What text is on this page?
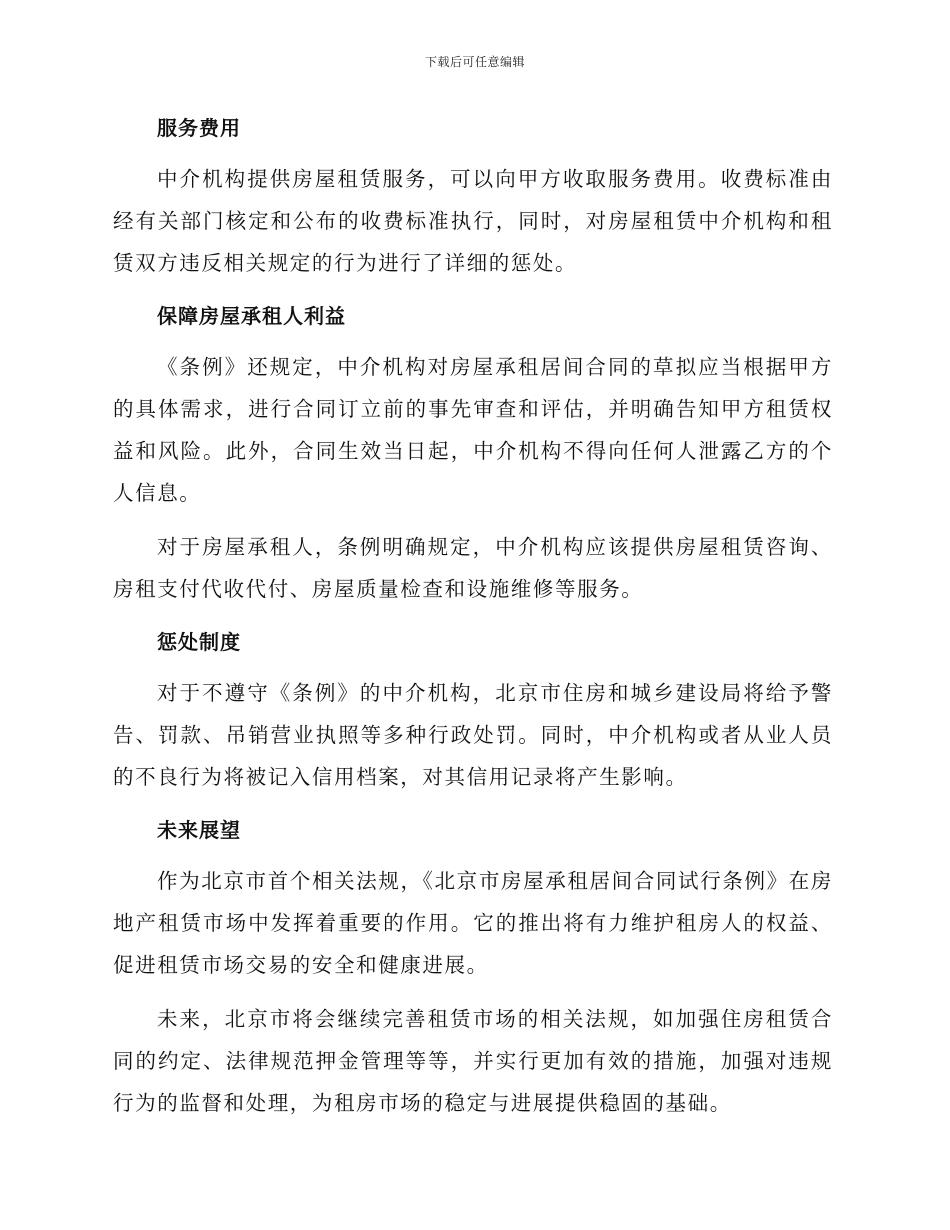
下载后可任意编辑
服务费用

中介机构提供房屋租赁服务，可以向甲方收取服务费用。收费标准由经有关部门核定和公布的收费标准执行，同时，对房屋租赁中介机构和租赁双方违反相关规定的行为进行了详细的惩处。

保障房屋承租人利益

《条例》还规定，中介机构对房屋承租居间合同的草拟应当根据甲方的具体需求，进行合同订立前的事先审查和评估，并明确告知甲方租赁权益和风险。此外，合同生效当日起，中介机构不得向任何人泄露乙方的个人信息。

对于房屋承租人，条例明确规定，中介机构应该提供房屋租赁咨询、房租支付代收代付、房屋质量检查和设施维修等服务。

惩处制度

对于不遵守《条例》的中介机构，北京市住房和城乡建设局将给予警告、罚款、吊销营业执照等多种行政处罚。同时，中介机构或者从业人员的不良行为将被记入信用档案，对其信用记录将产生影响。

未来展望

作为北京市首个相关法规，《北京市房屋承租居间合同试行条例》在房地产租赁市场中发挥着重要的作用。它的推出将有力维护租房人的权益、促进租赁市场交易的安全和健康进展。

未来，北京市将会继续完善租赁市场的相关法规，如加强住房租赁合同的约定、法律规范押金管理等等，并实行更加有效的措施，加强对违规行为的监督和处理，为租房市场的稳定与进展提供稳固的基础。
